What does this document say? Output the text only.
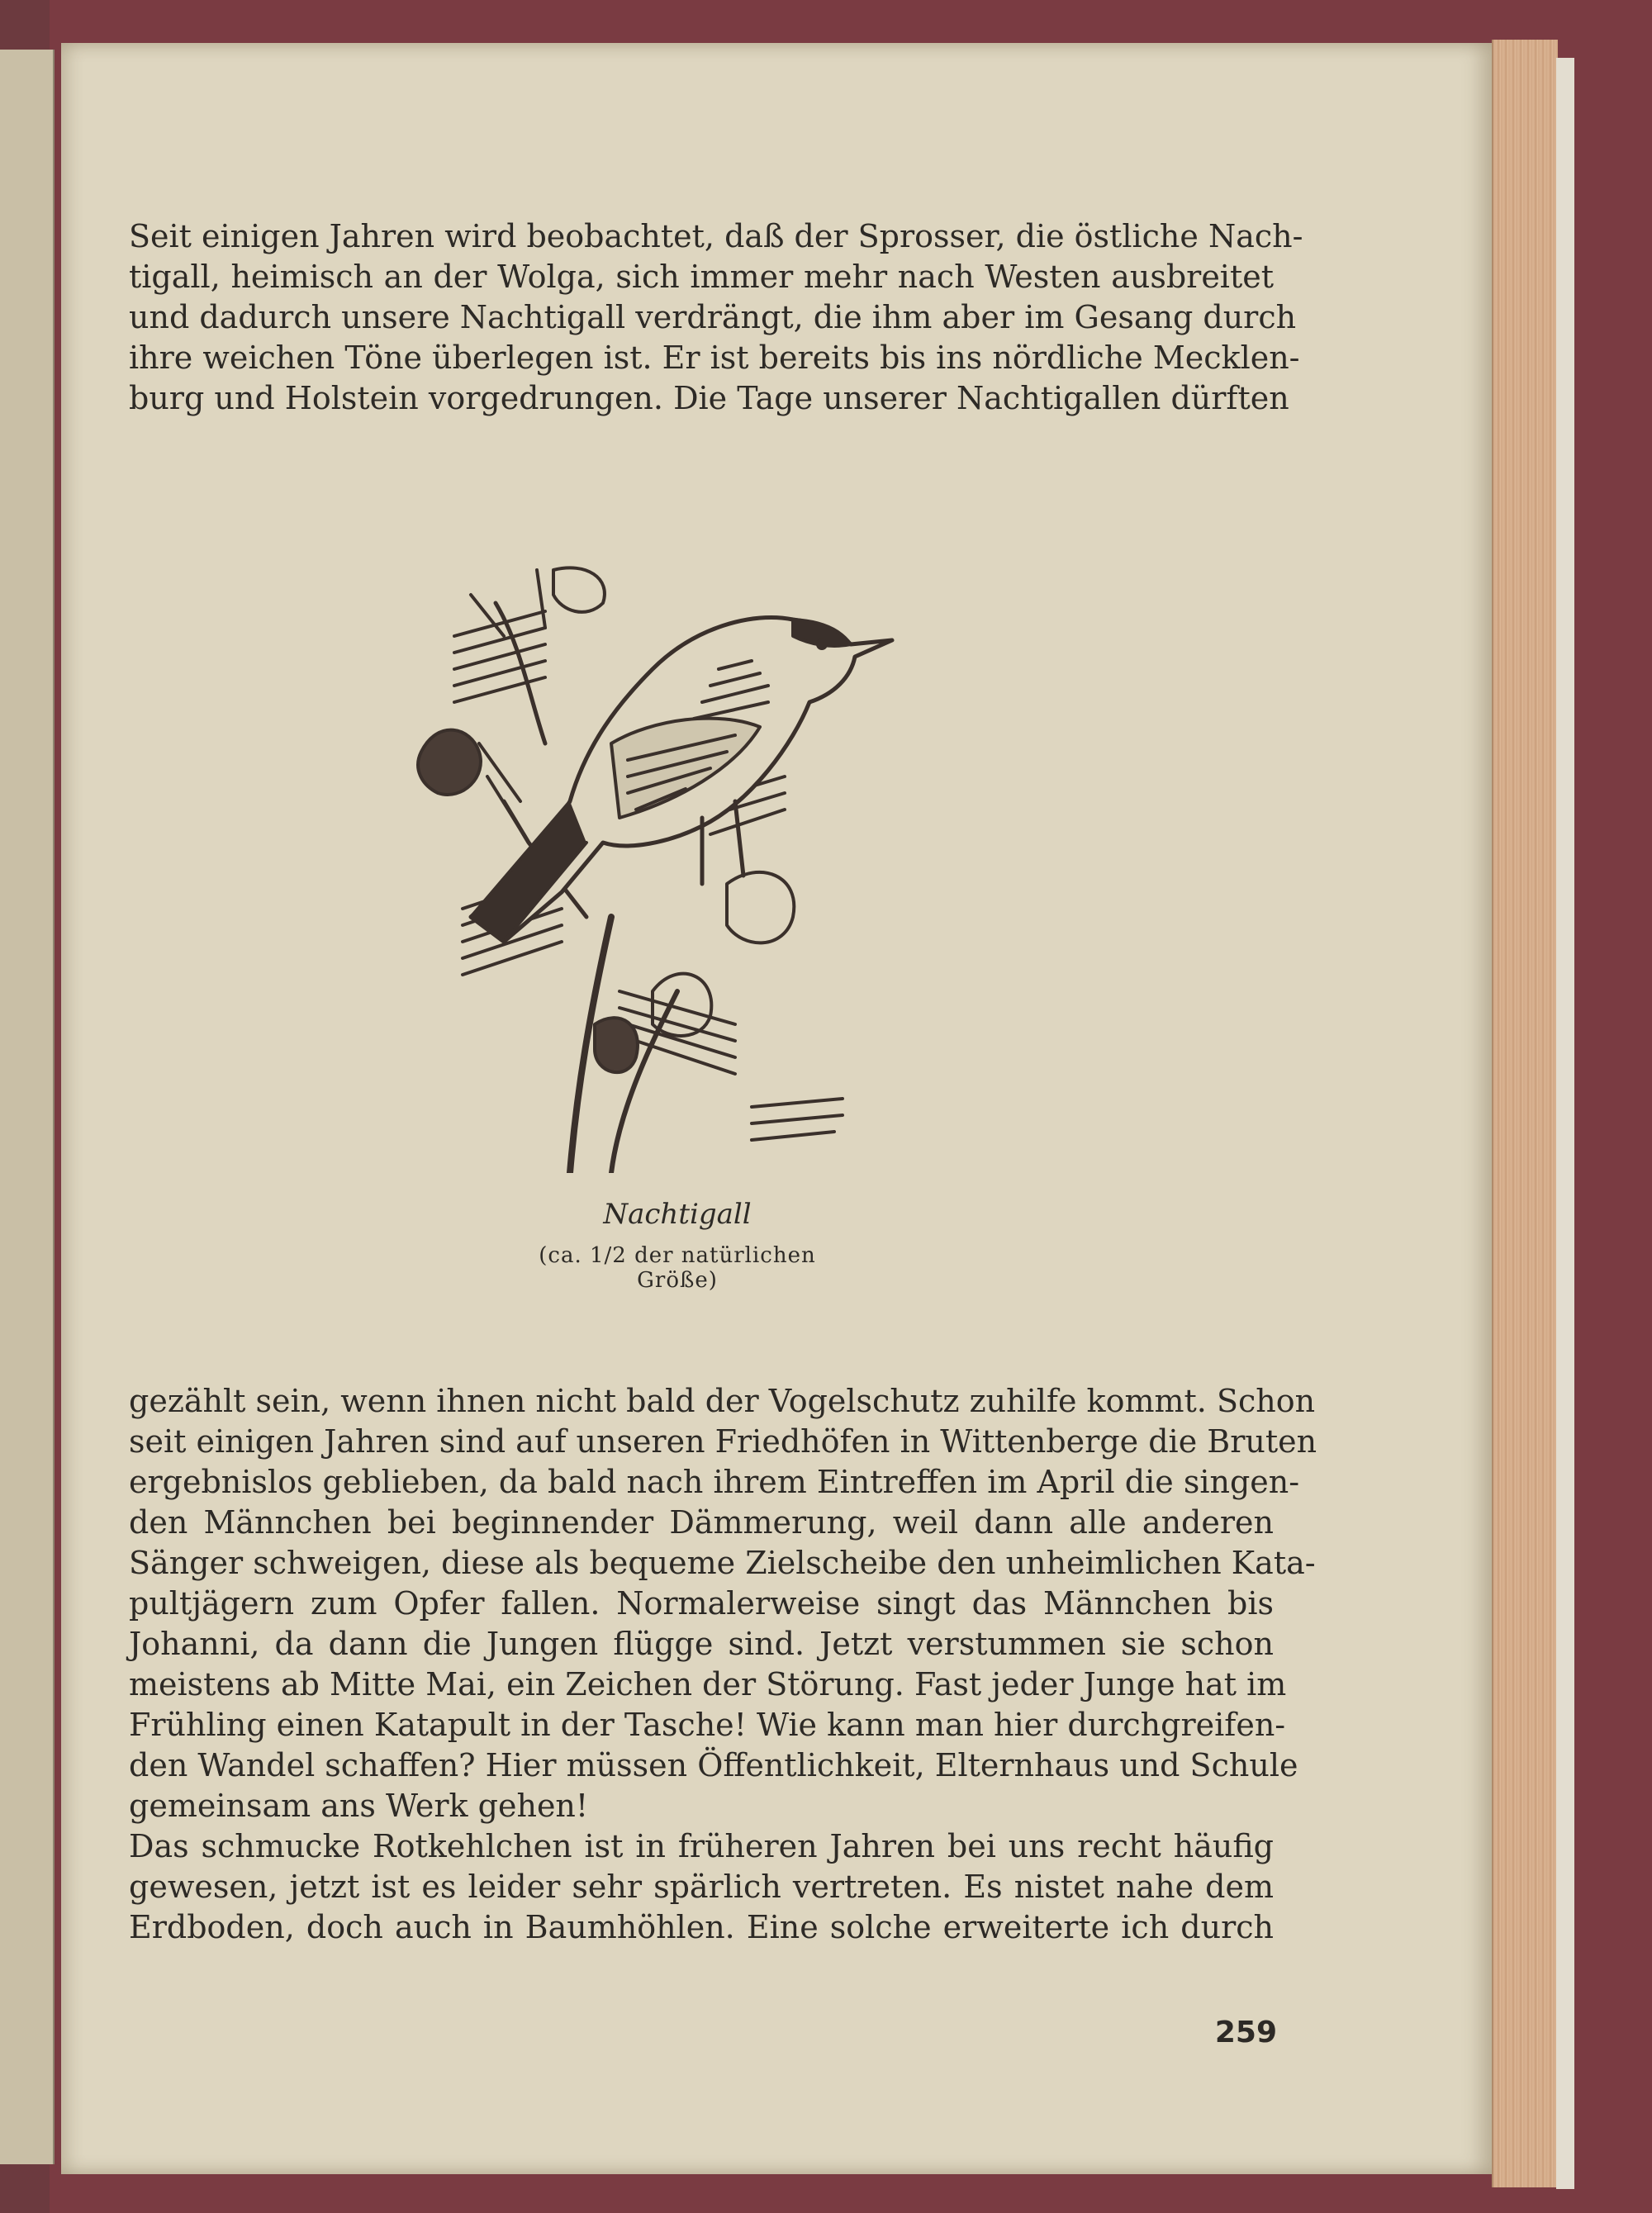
Seit einigen Jahren wird beobachtet, daß der Sprosser, die östliche Nach-
tigall, heimisch an der Wolga, sich immer mehr nach Westen ausbreitet
und dadurch unsere Nachtigall verdrängt, die ihm aber im Gesang durch
ihre weichen Töne überlegen ist. Er ist bereits bis ins nördliche Mecklen-
burg und Holstein vorgedrungen. Die Tage unserer Nachtigallen dürften
Nachtigall
(ca. 1/2 der natürlichen Größe)
gezählt sein, wenn ihnen nicht bald der Vogelschutz zuhilfe kommt. Schon
seit einigen Jahren sind auf unseren Friedhöfen in Wittenberge die Bruten
ergebnislos geblieben, da bald nach ihrem Eintreffen im April die singen-
den Männchen bei beginnender Dämmerung, weil dann alle anderen
Sänger schweigen, diese als bequeme Zielscheibe den unheimlichen Kata-
pultjägern zum Opfer fallen. Normalerweise singt das Männchen bis
Johanni, da dann die Jungen flügge sind. Jetzt verstummen sie schon
meistens ab Mitte Mai, ein Zeichen der Störung. Fast jeder Junge hat im
Frühling einen Katapult in der Tasche! Wie kann man hier durchgreifen-
den Wandel schaffen? Hier müssen Öffentlichkeit, Elternhaus und Schule
gemeinsam ans Werk gehen!
Das schmucke Rotkehlchen ist in früheren Jahren bei uns recht häufig
gewesen, jetzt ist es leider sehr spärlich vertreten. Es nistet nahe dem
Erdboden, doch auch in Baumhöhlen. Eine solche erweiterte ich durch
259
